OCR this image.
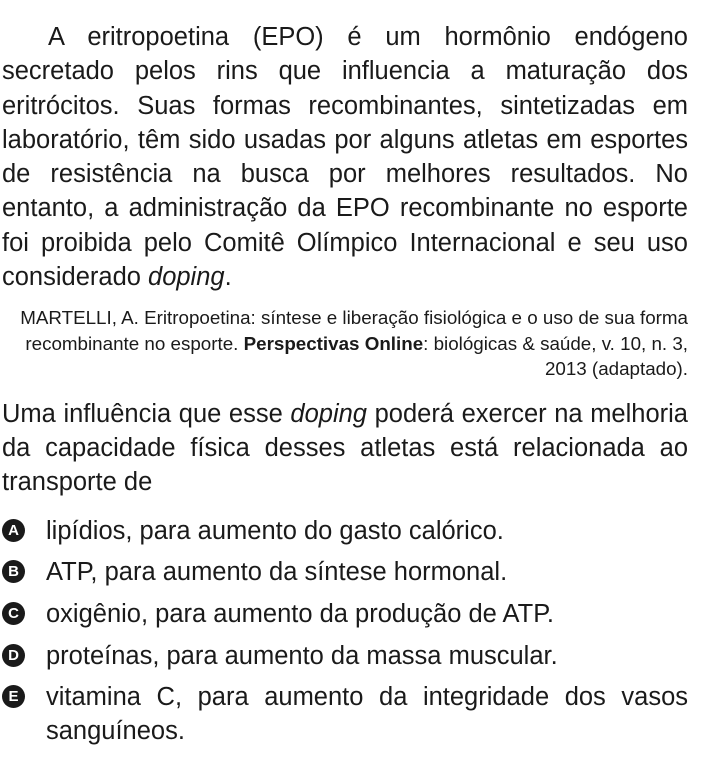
A eritropoetina (EPO) é um hormônio endógeno secretado pelos rins que influencia a maturação dos eritrócitos. Suas formas recombinantes, sintetizadas em laboratório, têm sido usadas por alguns atletas em esportes de resistência na busca por melhores resultados. No entanto, a administração da EPO recombinante no esporte foi proibida pelo Comitê Olímpico Internacional e seu uso considerado doping.

MARTELLI, A. Eritropoetina: síntese e liberação fisiológica e o uso de sua forma recombinante no esporte. Perspectivas Online: biológicas & saúde, v. 10, n. 3, 2013 (adaptado).
Uma influência que esse doping poderá exercer na melhoria da capacidade física desses atletas está relacionada ao transporte de
A lipídios, para aumento do gasto calórico.
B ATP, para aumento da síntese hormonal.
C oxigênio, para aumento da produção de ATP.
D proteínas, para aumento da massa muscular.
E vitamina C, para aumento da integridade dos vasos sanguíneos.
